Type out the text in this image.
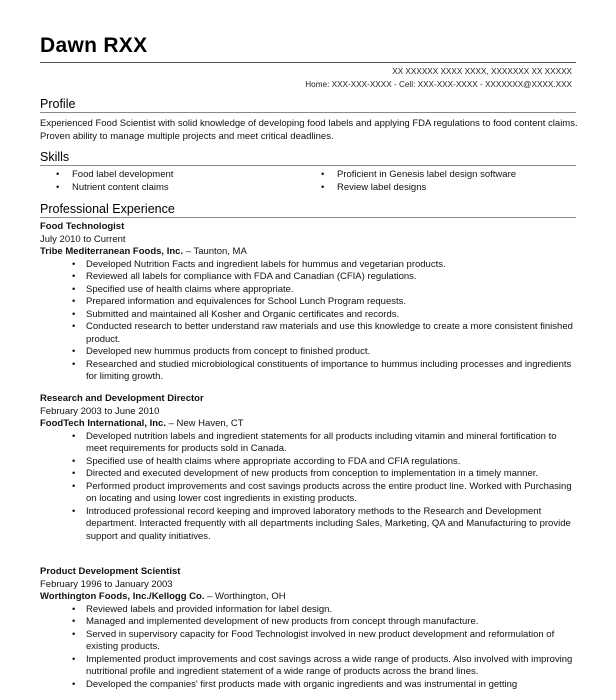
Dawn RXX
XX XXXXXX XXXX XXXX, XXXXXXX XX XXXXX
Home: XXX-XXX-XXXX - Cell: XXX-XXX-XXXX - XXXXXXX@XXXX.XXX
Profile
Experienced Food Scientist with solid knowledge of developing food labels and applying FDA regulations to food content claims. Proven ability to manage multiple projects and meet critical deadlines.
Skills
• Food label development	• Proficient in Genesis label design software
• Nutrient content claims	• Review label designs
Professional Experience
Food Technologist
July 2010 to Current
Tribe Mediterranean Foods, Inc. – Taunton, MA
• Developed Nutrition Facts and ingredient labels for hummus and vegetarian products.
• Reviewed all labels for compliance with FDA and Canadian (CFIA) regulations.
• Specified use of health claims where appropriate.
• Prepared information and equivalences for School Lunch Program requests.
• Submitted and maintained all Kosher and Organic certificates and records.
• Conducted research to better understand raw materials and use this knowledge to create a more consistent finished product.
• Developed new hummus products from concept to finished product.
• Researched and studied microbiological constituents of importance to hummus including processes and ingredients for limiting growth.
Research and Development Director
February 2003 to June 2010
FoodTech International, Inc. – New Haven, CT
• Developed nutrition labels and ingredient statements for all products including vitamin and mineral fortification to meet requirements for products sold in Canada.
• Specified use of health claims where appropriate according to FDA and CFIA regulations.
• Directed and executed development of new products from conception to implementation in a timely manner.
• Performed product improvements and cost savings products across the entire product line. Worked with Purchasing on locating and using lower cost ingredients in existing products.
• Introduced professional record keeping and improved laboratory methods to the Research and Development department. Interacted frequently with all departments including Sales, Marketing, QA and Manufacturing to provide support and quality initiatives.
Product Development Scientist
February 1996 to January 2003
Worthington Foods, Inc./Kellogg Co. – Worthington, OH
• Reviewed labels and provided information for label design.
• Managed and implemented development of new products from concept through manufacture.
• Served in supervisory capacity for Food Technologist involved in new product development and reformulation of existing products.
• Implemented product improvements and cost savings across a wide range of products. Also involved with improving nutritional profile and ingredient statement of a wide range of products across the brand lines.
• Developed the companies' first products made with organic ingredients and was instrumental in getting
